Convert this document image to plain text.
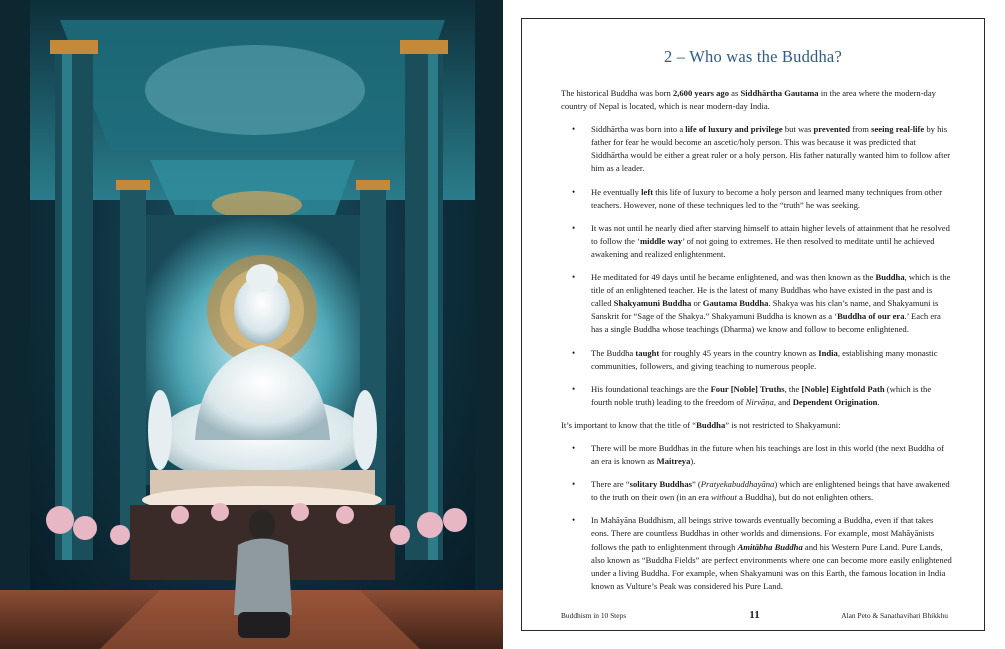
2 – Who was the Buddha?

The historical Buddha was born 2,600 years ago as Siddhārtha Gautama in the area where the modern-day country of Nepal is located, which is near modern-day India.

• Siddhārtha was born into a life of luxury and privilege but was prevented from seeing real-life by his father for fear he would become an ascetic/holy person. This was because it was predicted that Siddhārtha would be either a great ruler or a holy person. His father naturally wanted him to follow after him as a leader.
• He eventually left this life of luxury to become a holy person and learned many techniques from other teachers. However, none of these techniques led to the “truth” he was seeking.
• It was not until he nearly died after starving himself to attain higher levels of attainment that he resolved to follow the ‘middle way’ of not going to extremes. He then resolved to meditate until he achieved awakening and realized enlightenment.
• He meditated for 49 days until he became enlightened, and was then known as the Buddha, which is the title of an enlightened teacher. He is the latest of many Buddhas who have existed in the past and is called Shakyamuni Buddha or Gautama Buddha. Shakya was his clan’s name, and Shakyamuni is Sanskrit for “Sage of the Shakya.” Shakyamuni Buddha is known as a ‘Buddha of our era.’ Each era has a single Buddha whose teachings (Dharma) we know and follow to become enlightened.
• The Buddha taught for roughly 45 years in the country known as India, establishing many monastic communities, followers, and giving teaching to numerous people.
• His foundational teachings are the Four [Noble] Truths, the [Noble] Eightfold Path (which is the fourth noble truth) leading to the freedom of Nirvāṇa, and Dependent Origination.

It’s important to know that the title of “Buddha” is not restricted to Shakyamuni:

• There will be more Buddhas in the future when his teachings are lost in this world (the next Buddha of an era is known as Maitreya).
• There are “solitary Buddhas” (Pratyekabuddhayāna) which are enlightened beings that have awakened to the truth on their own (in an era without a Buddha), but do not enlighten others.
• In Mahāyāna Buddhism, all beings strive towards eventually becoming a Buddha, even if that takes eons. There are countless Buddhas in other worlds and dimensions. For example, most Mahāyānists follows the path to enlightenment through Amitābha Buddha and his Western Pure Land. Pure Lands, also known as “Buddha Fields” are perfect environments where one can become more easily enlightened under a living Buddha. For example, when Shakyamuni was on this Earth, the famous location in India known as Vulture’s Peak was considered his Pure Land.
Buddhism in 10 Steps	11	Alan Peto & Sanathavihari Bhikkhu
